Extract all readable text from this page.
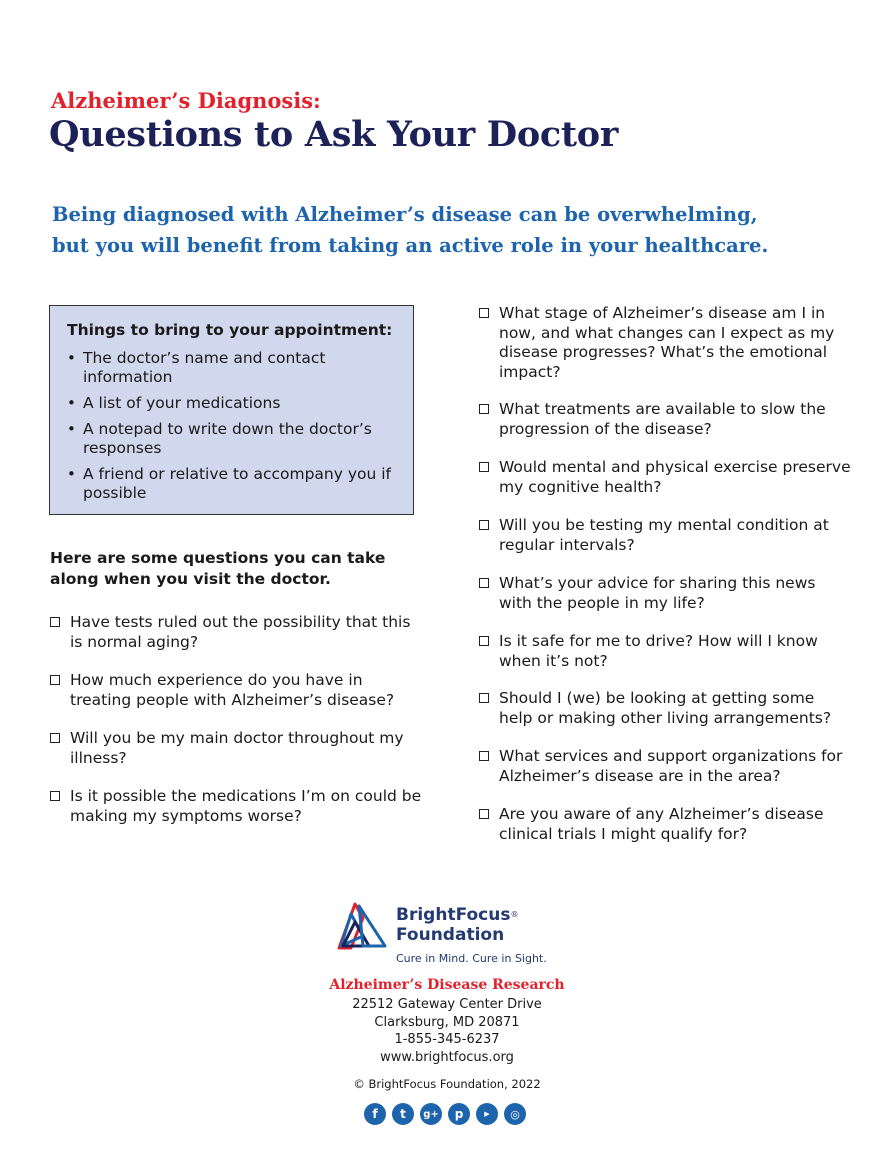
Alzheimer’s Diagnosis:
Questions to Ask Your Doctor
Being diagnosed with Alzheimer’s disease can be overwhelming,
but you will benefit from taking an active role in your healthcare.
Things to bring to your appointment:
• The doctor’s name and contact information
• A list of your medications
• A notepad to write down the doctor’s responses
• A friend or relative to accompany you if possible
Here are some questions you can take along when you visit the doctor.
Have tests ruled out the possibility that this is normal aging?
How much experience do you have in treating people with Alzheimer’s disease?
Will you be my main doctor throughout my illness?
Is it possible the medications I’m on could be making my symptoms worse?
What stage of Alzheimer’s disease am I in now, and what changes can I expect as my disease progresses? What’s the emotional impact?
What treatments are available to slow the progression of the disease?
Would mental and physical exercise preserve my cognitive health?
Will you be testing my mental condition at regular intervals?
What’s your advice for sharing this news with the people in my life?
Is it safe for me to drive? How will I know when it’s not?
Should I (we) be looking at getting some help or making other living arrangements?
What services and support organizations for Alzheimer’s disease are in the area?
Are you aware of any Alzheimer’s disease clinical trials I might qualify for?
BrightFocus®
Foundation
Cure in Mind. Cure in Sight.
Alzheimer’s Disease Research
22512 Gateway Center Drive
Clarksburg, MD 20871
1-855-345-6237
www.brightfocus.org
© BrightFocus Foundation, 2022
f	t	g+	p	▶	◎
